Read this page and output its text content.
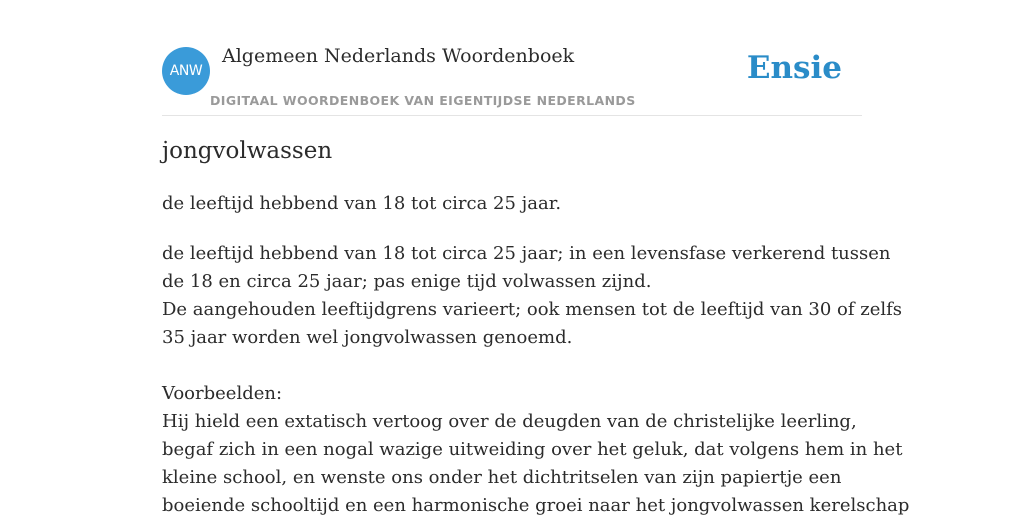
ANW
Algemeen Nederlands Woordenboek
DIGITAAL WOORDENBOEK VAN EIGENTIJDSE NEDERLANDS
Ensie
jongvolwassen
de leeftijd hebbend van 18 tot circa 25 jaar.
de leeftijd hebbend van 18 tot circa 25 jaar; in een levensfase verkerend tussen
de 18 en circa 25 jaar; pas enige tijd volwassen zijnd.
De aangehouden leeftijdgrens varieert; ook mensen tot de leeftijd van 30 of zelfs
35 jaar worden wel jongvolwassen genoemd.
Voorbeelden:
Hij hield een extatisch vertoog over de deugden van de christelijke leerling,
begaf zich in een nogal wazige uitweiding over het geluk, dat volgens hem in het
kleine school, en wenste ons onder het dichtritselen van zijn papiertje een
boeiende schooltijd en een harmonische groei naar het jongvolwassen kerelschap
